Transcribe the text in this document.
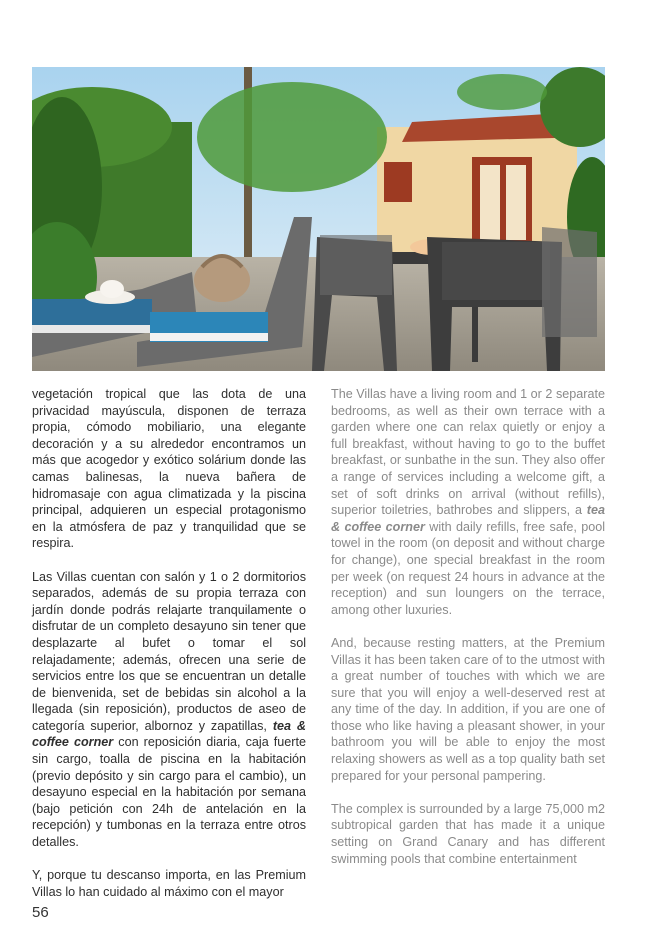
vegetación tropical que las dota de una privacidad mayúscula, disponen de terraza propia, cómodo mobiliario, una elegante decoración y a su alrededor encontramos un más que acogedor y exótico solárium donde las camas balinesas, la nueva bañera de hidromasaje con agua climatizada y la piscina principal, adquieren un especial protagonismo en la atmósfera de paz y tranquilidad que se respira.

Las Villas cuentan con salón y 1 o 2 dormitorios separados, además de su propia terraza con jardín donde podrás relajarte tranquilamente o disfrutar de un completo desayuno sin tener que desplazarte al bufet o tomar el sol relajadamente; además, ofrecen una serie de servicios entre los que se encuentran un detalle de bienvenida, set de bebidas sin alcohol a la llegada (sin reposición), productos de aseo de categoría superior, albornoz y zapatillas, tea & coffee corner con reposición diaria, caja fuerte sin cargo, toalla de piscina en la habitación (previo depósito y sin cargo para el cambio), un desayuno especial en la habitación por semana (bajo petición con 24h de antelación en la recepción) y tumbonas en la terraza entre otros detalles.

Y, porque tu descanso importa, en las Premium Villas lo han cuidado al máximo con el mayor

The Villas have a living room and 1 or 2 separate bedrooms, as well as their own terrace with a garden where one can relax quietly or enjoy a full breakfast, without having to go to the buffet breakfast, or sunbathe in the sun. They also offer a range of services including a welcome gift, a set of soft drinks on arrival (without refills), superior toiletries, bathrobes and slippers, a tea & coffee corner with daily refills, free safe, pool towel in the room (on deposit and without charge for change), one special breakfast in the room per week (on request 24 hours in advance at the reception) and sun loungers on the terrace, among other luxuries.

And, because resting matters, at the Premium Villas it has been taken care of to the utmost with a great number of touches with which we are sure that you will enjoy a well-deserved rest at any time of the day. In addition, if you are one of those who like having a pleasant shower, in your bathroom you will be able to enjoy the most relaxing showers as well as a top quality bath set prepared for your personal pampering.

The complex is surrounded by a large 75,000 m2 subtropical garden that has made it a unique setting on Grand Canary and has different swimming pools that combine entertainment

56
